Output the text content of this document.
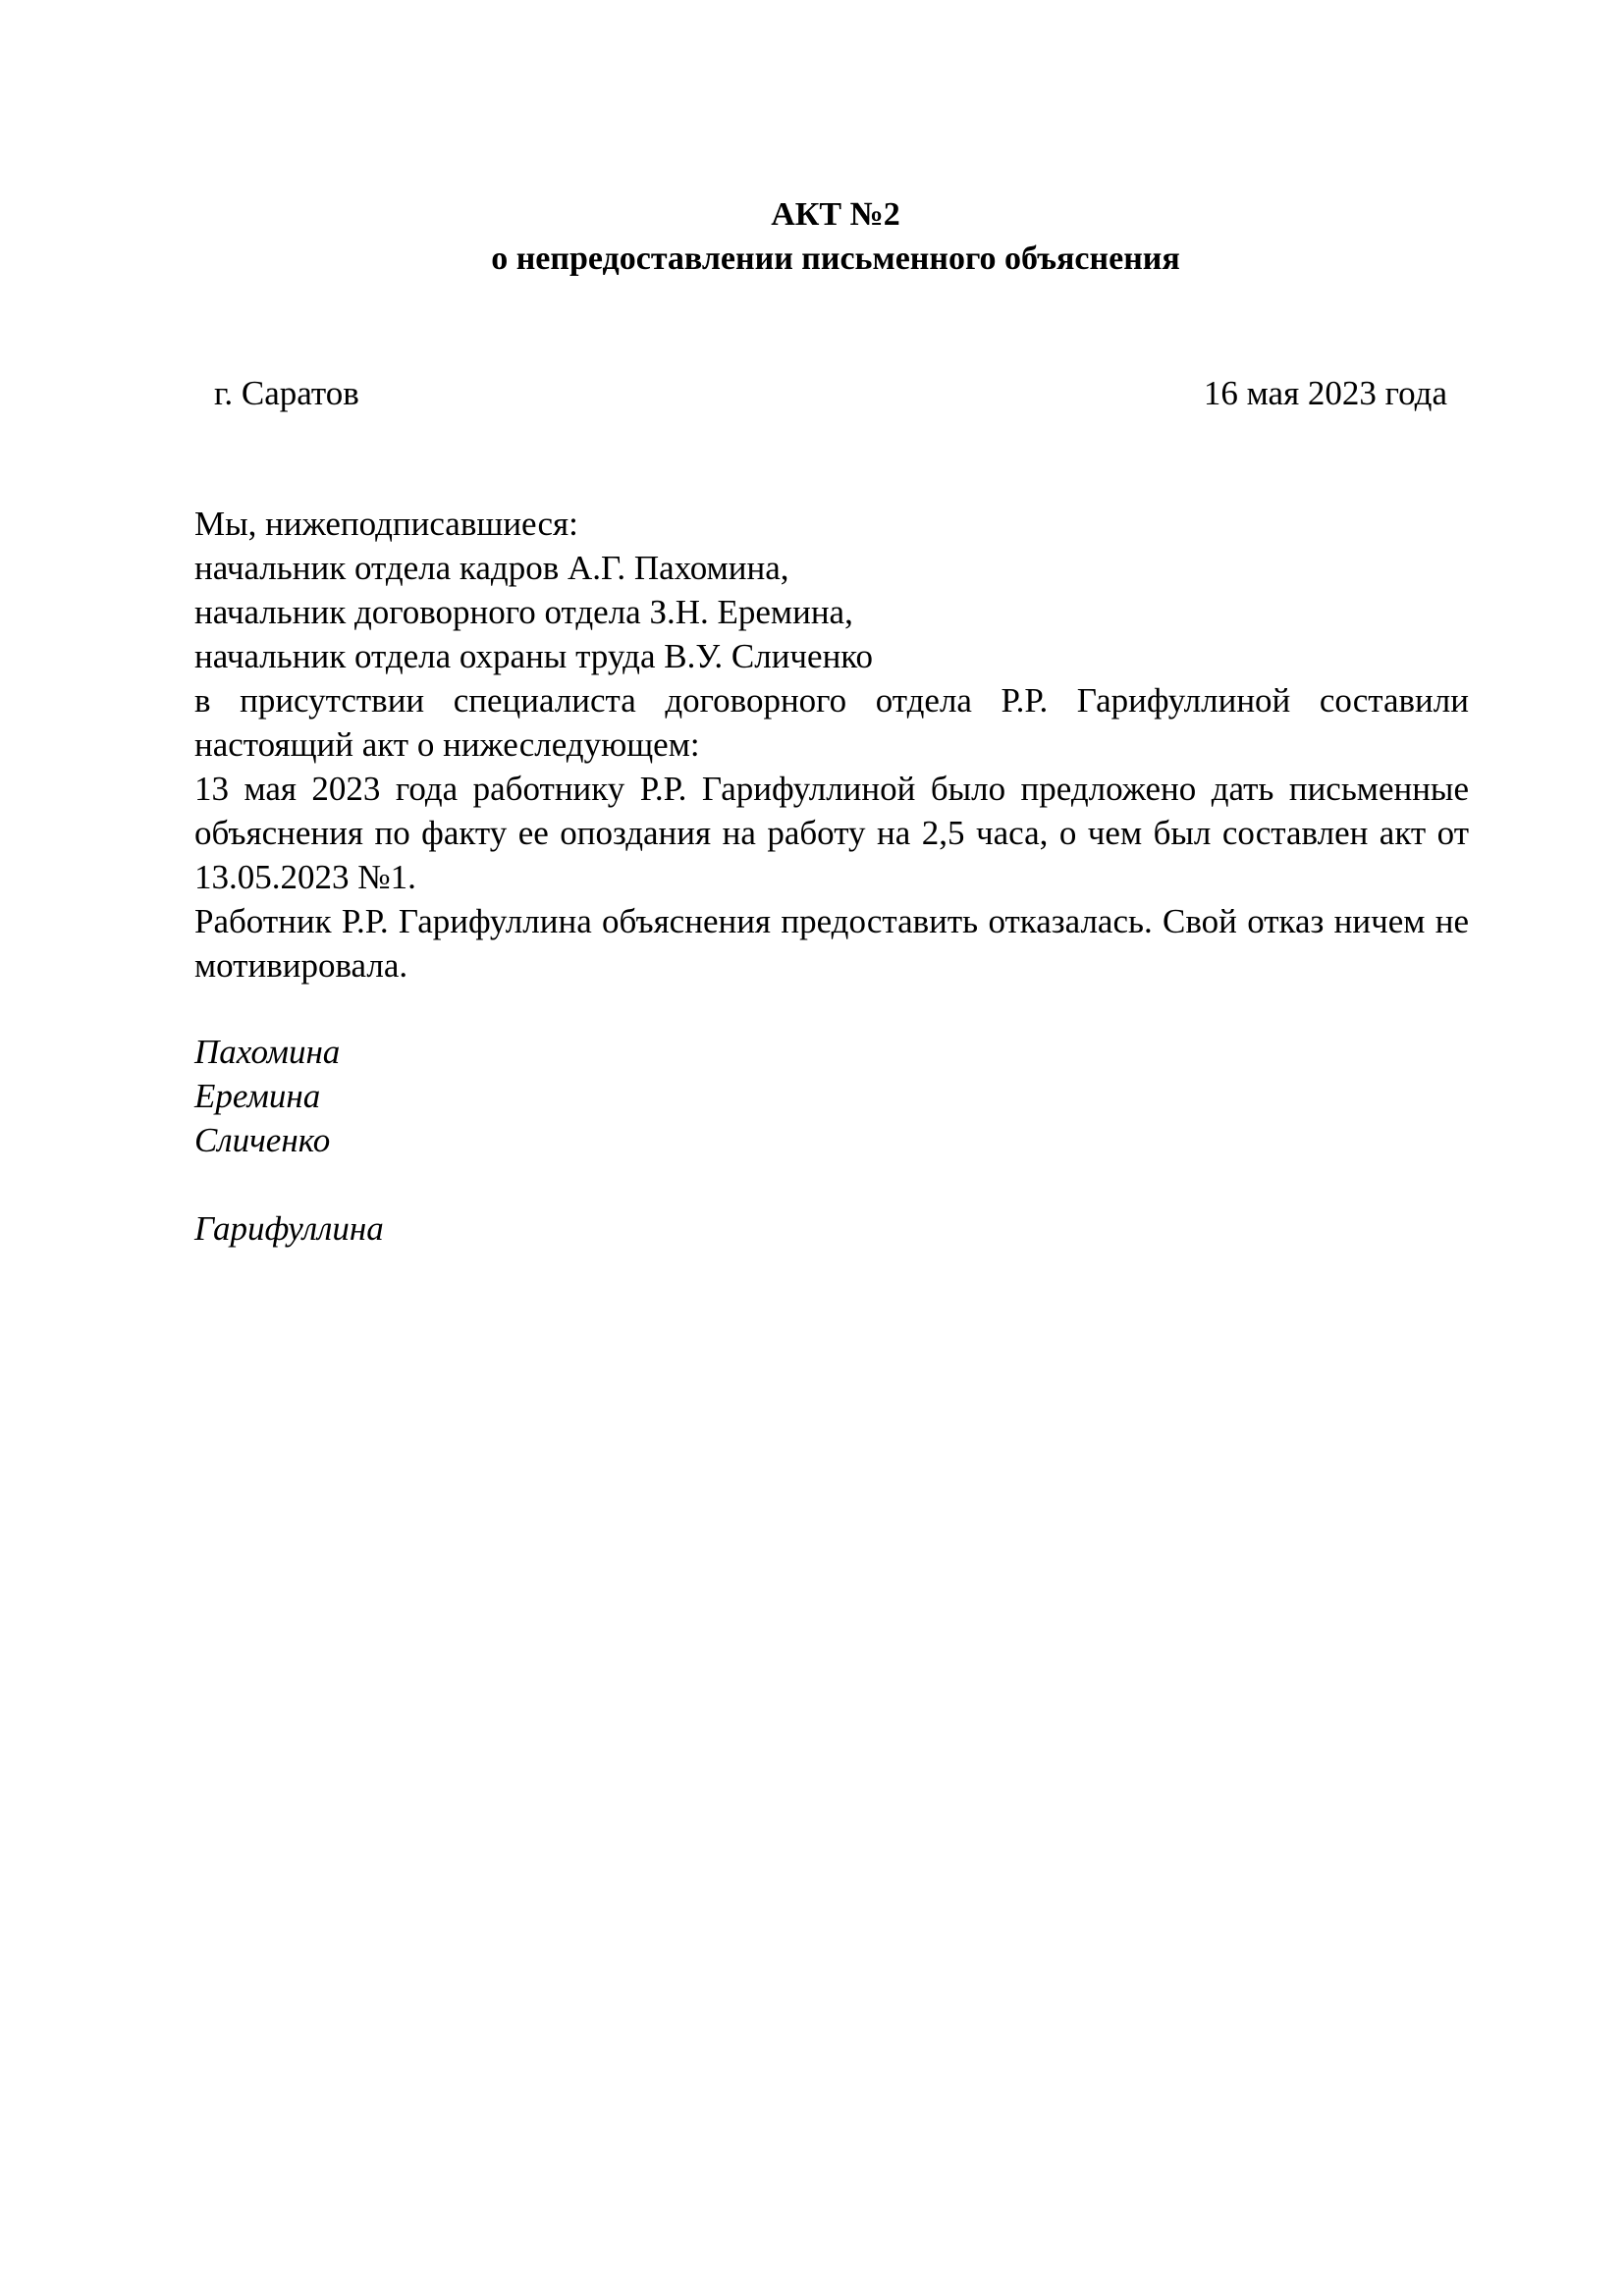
АКТ №2
о непредоставлении письменного объяснения
г. Саратов	16 мая 2023 года
Мы, нижеподписавшиеся:
начальник отдела кадров А.Г. Пахомина,
начальник договорного отдела З.Н. Еремина,
начальник отдела охраны труда В.У. Сличенко
в присутствии специалиста договорного отдела Р.Р. Гарифуллиной составили настоящий акт о нижеследующем:
13 мая 2023 года работнику Р.Р. Гарифуллиной было предложено дать письменные объяснения по факту ее опоздания на работу на 2,5 часа, о чем был составлен акт от 13.05.2023 №1.
Работник Р.Р. Гарифуллина объяснения предоставить отказалась. Свой отказ ничем не мотивировала.
Пахомина
Еремина
Сличенко
Гарифуллина
